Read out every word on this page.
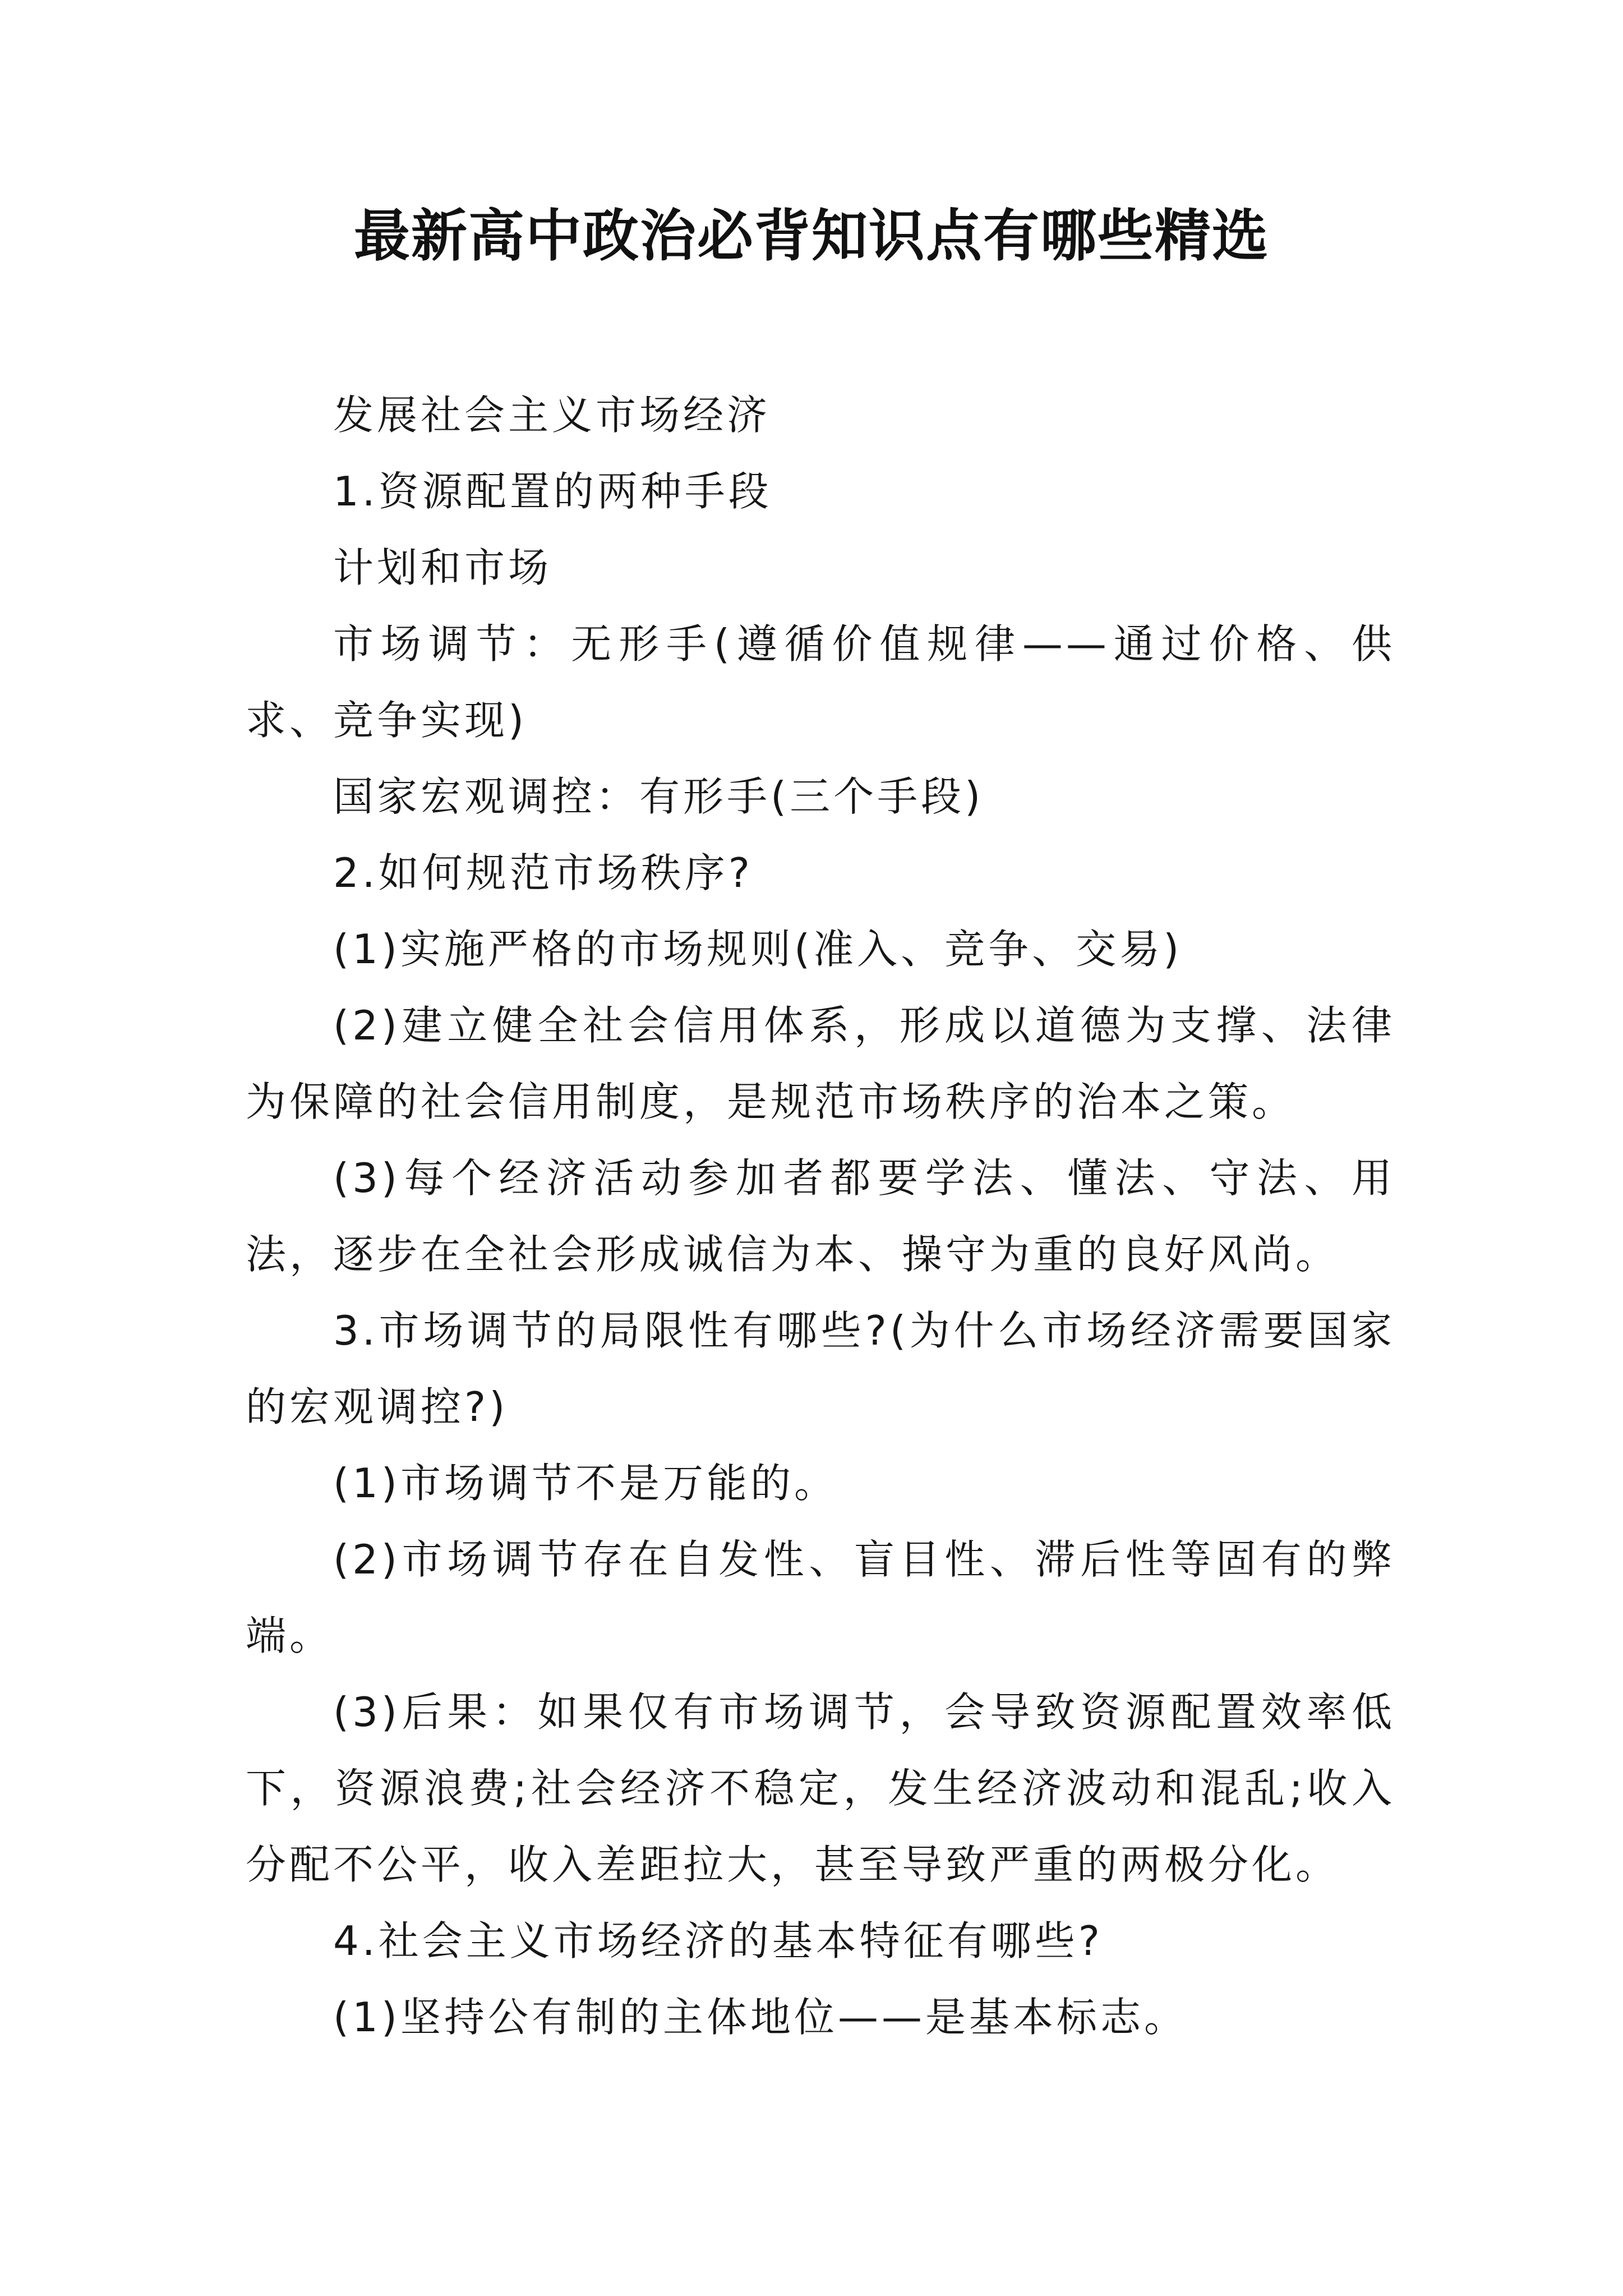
最新高中政治必背知识点有哪些精选

发展社会主义市场经济

1.资源配置的两种手段

计划和市场

市场调节：无形手(遵循价值规律——通过价格、供求、竞争实现)

国家宏观调控：有形手(三个手段)

2.如何规范市场秩序?

(1)实施严格的市场规则(准入、竞争、交易)

(2)建立健全社会信用体系，形成以道德为支撑、法律为保障的社会信用制度，是规范市场秩序的治本之策。

(3)每个经济活动参加者都要学法、懂法、守法、用法，逐步在全社会形成诚信为本、操守为重的良好风尚。

3.市场调节的局限性有哪些?(为什么市场经济需要国家的宏观调控?)

(1)市场调节不是万能的。

(2)市场调节存在自发性、盲目性、滞后性等固有的弊端。

(3)后果：如果仅有市场调节，会导致资源配置效率低下，资源浪费;社会经济不稳定，发生经济波动和混乱;收入分配不公平，收入差距拉大，甚至导致严重的两极分化。

4.社会主义市场经济的基本特征有哪些?

(1)坚持公有制的主体地位——是基本标志。
